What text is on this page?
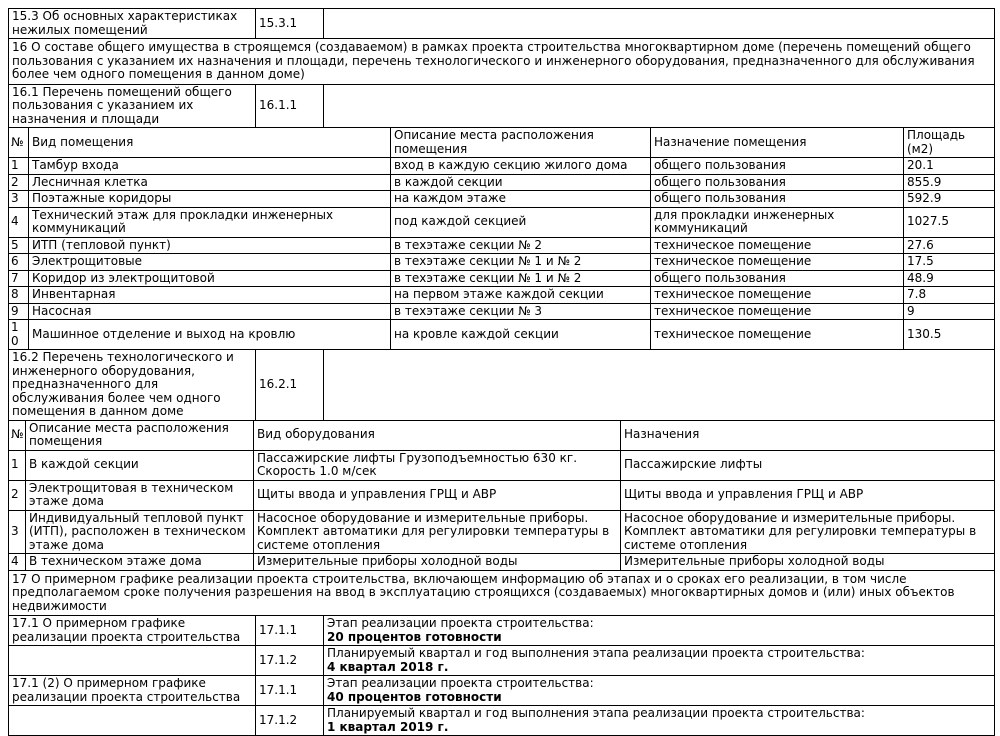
15.3 Об основных характеристиках нежилых помещений	15.3.1	
16 О составе общего имущества в строящемся (создаваемом) в рамках проекта строительства многоквартирном доме (перечень помещений общего пользования с указанием их назначения и площади, перечень технологического и инженерного оборудования, предназначенного для обслуживания более чем одного помещения в данном доме)
16.1 Перечень помещений общего пользования с указанием их назначения и площади	16.1.1	
№	Вид помещения	Описание места расположения помещения	Назначение помещения	Площадь (м2)
1	Тамбур входа	вход в каждую секцию жилого дома	общего пользования	20.1
2	Лесничная клетка	в каждой секции	общего пользования	855.9
3	Поэтажные коридоры	на каждом этаже	общего пользования	592.9
4	Технический этаж для прокладки инженерных коммуникаций	под каждой секцией	для прокладки инженерных коммуникаций	1027.5
5	ИТП (тепловой пункт)	в техэтаже секции № 2	техническое помещение	27.6
6	Электрощитовые	в техэтаже секции № 1 и № 2	техническое помещение	17.5
7	Коридор из электрощитовой	в техэтаже секции № 1 и № 2	общего пользования	48.9
8	Инвентарная	на первом этаже каждой секции	техническое помещение	7.8
9	Насосная	в техэтаже секции № 3	техническое помещение	9
10	Машинное отделение и выход на кровлю	на кровле каждой секции	техническое помещение	130.5
16.2 Перечень технологического и инженерного оборудования, предназначенного для обслуживания более чем одного помещения в данном доме	16.2.1	
№	Описание места расположения помещения	Вид оборудования	Назначения
1	В каждой секции	Пассажирские лифты Грузоподъемностью 630 кг. Скорость 1.0 м/сек	Пассажирские лифты
2	Электрощитовая в техническом этаже дома	Щиты ввода и управления ГРЩ и АВР	Щиты ввода и управления ГРЩ и АВР
3	Индивидуальный тепловой пункт (ИТП), расположен в техническом этаже дома	Насосное оборудование и измерительные приборы. Комплект автоматики для регулировки температуры в системе отопления	Насосное оборудование и измерительные приборы. Комплект автоматики для регулировки температуры в системе отопления
4	В техническом этаже дома	Измерительные приборы холодной воды	Измерительные приборы холодной воды
17 О примерном графике реализации проекта строительства, включающем информацию об этапах и о сроках его реализации, в том числе предполагаемом сроке получения разрешения на ввод в эксплуатацию строящихся (создаваемых) многоквартирных домов и (или) иных объектов недвижимости
17.1 О примерном графике реализации проекта строительства	17.1.1	Этап реализации проекта строительства:
20 процентов готовности

	17.1.2	Планируемый квартал и год выполнения этапа реализации проекта строительства:
4 квартал 2018 г.

17.1 (2) О примерном графике реализации проекта строительства	17.1.1	Этап реализации проекта строительства:
40 процентов готовности

	17.1.2	Планируемый квартал и год выполнения этапа реализации проекта строительства:
1 квартал 2019 г.
